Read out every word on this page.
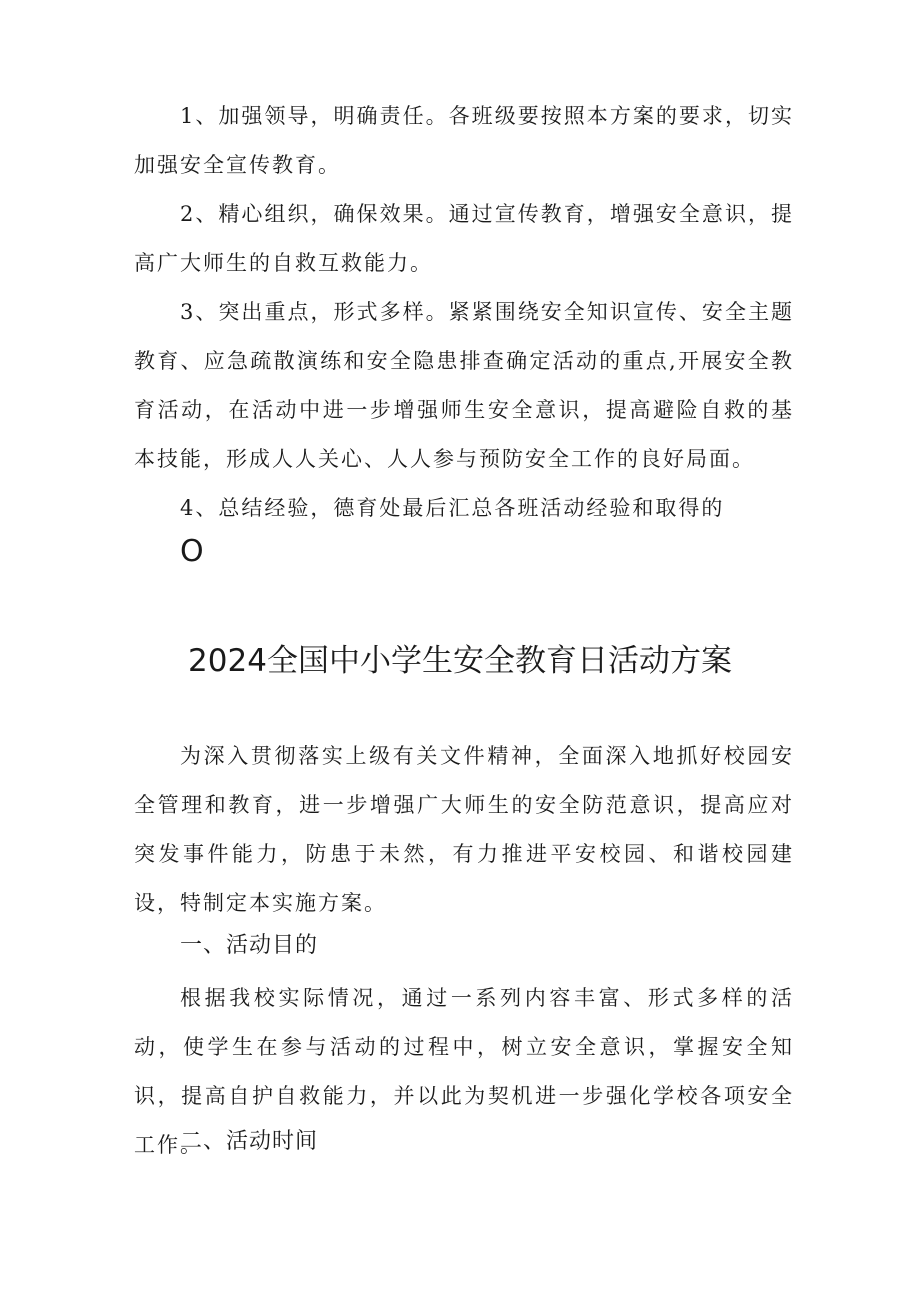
1、加强领导，明确责任。各班级要按照本方案的要求，切实加强安全宣传教育。

2、精心组织，确保效果。通过宣传教育，增强安全意识，提高广大师生的自救互救能力。

3、突出重点，形式多样。紧紧围绕安全知识宣传、安全主题教育、应急疏散演练和安全隐患排查确定活动的重点,开展安全教育活动，在活动中进一步增强师生安全意识，提高避险自救的基本技能，形成人人关心、人人参与预防安全工作的良好局面。

4、总结经验，德育处最后汇总各班活动经验和取得的

O

2024全国中小学生安全教育日活动方案

为深入贯彻落实上级有关文件精神，全面深入地抓好校园安全管理和教育，进一步增强广大师生的安全防范意识，提高应对突发事件能力，防患于未然，有力推进平安校园、和谐校园建设，特制定本实施方案。

一、活动目的

根据我校实际情况，通过一系列内容丰富、形式多样的活动，使学生在参与活动的过程中，树立安全意识，掌握安全知识，提高自护自救能力，并以此为契机进一步强化学校各项安全工作。

二、活动时间
